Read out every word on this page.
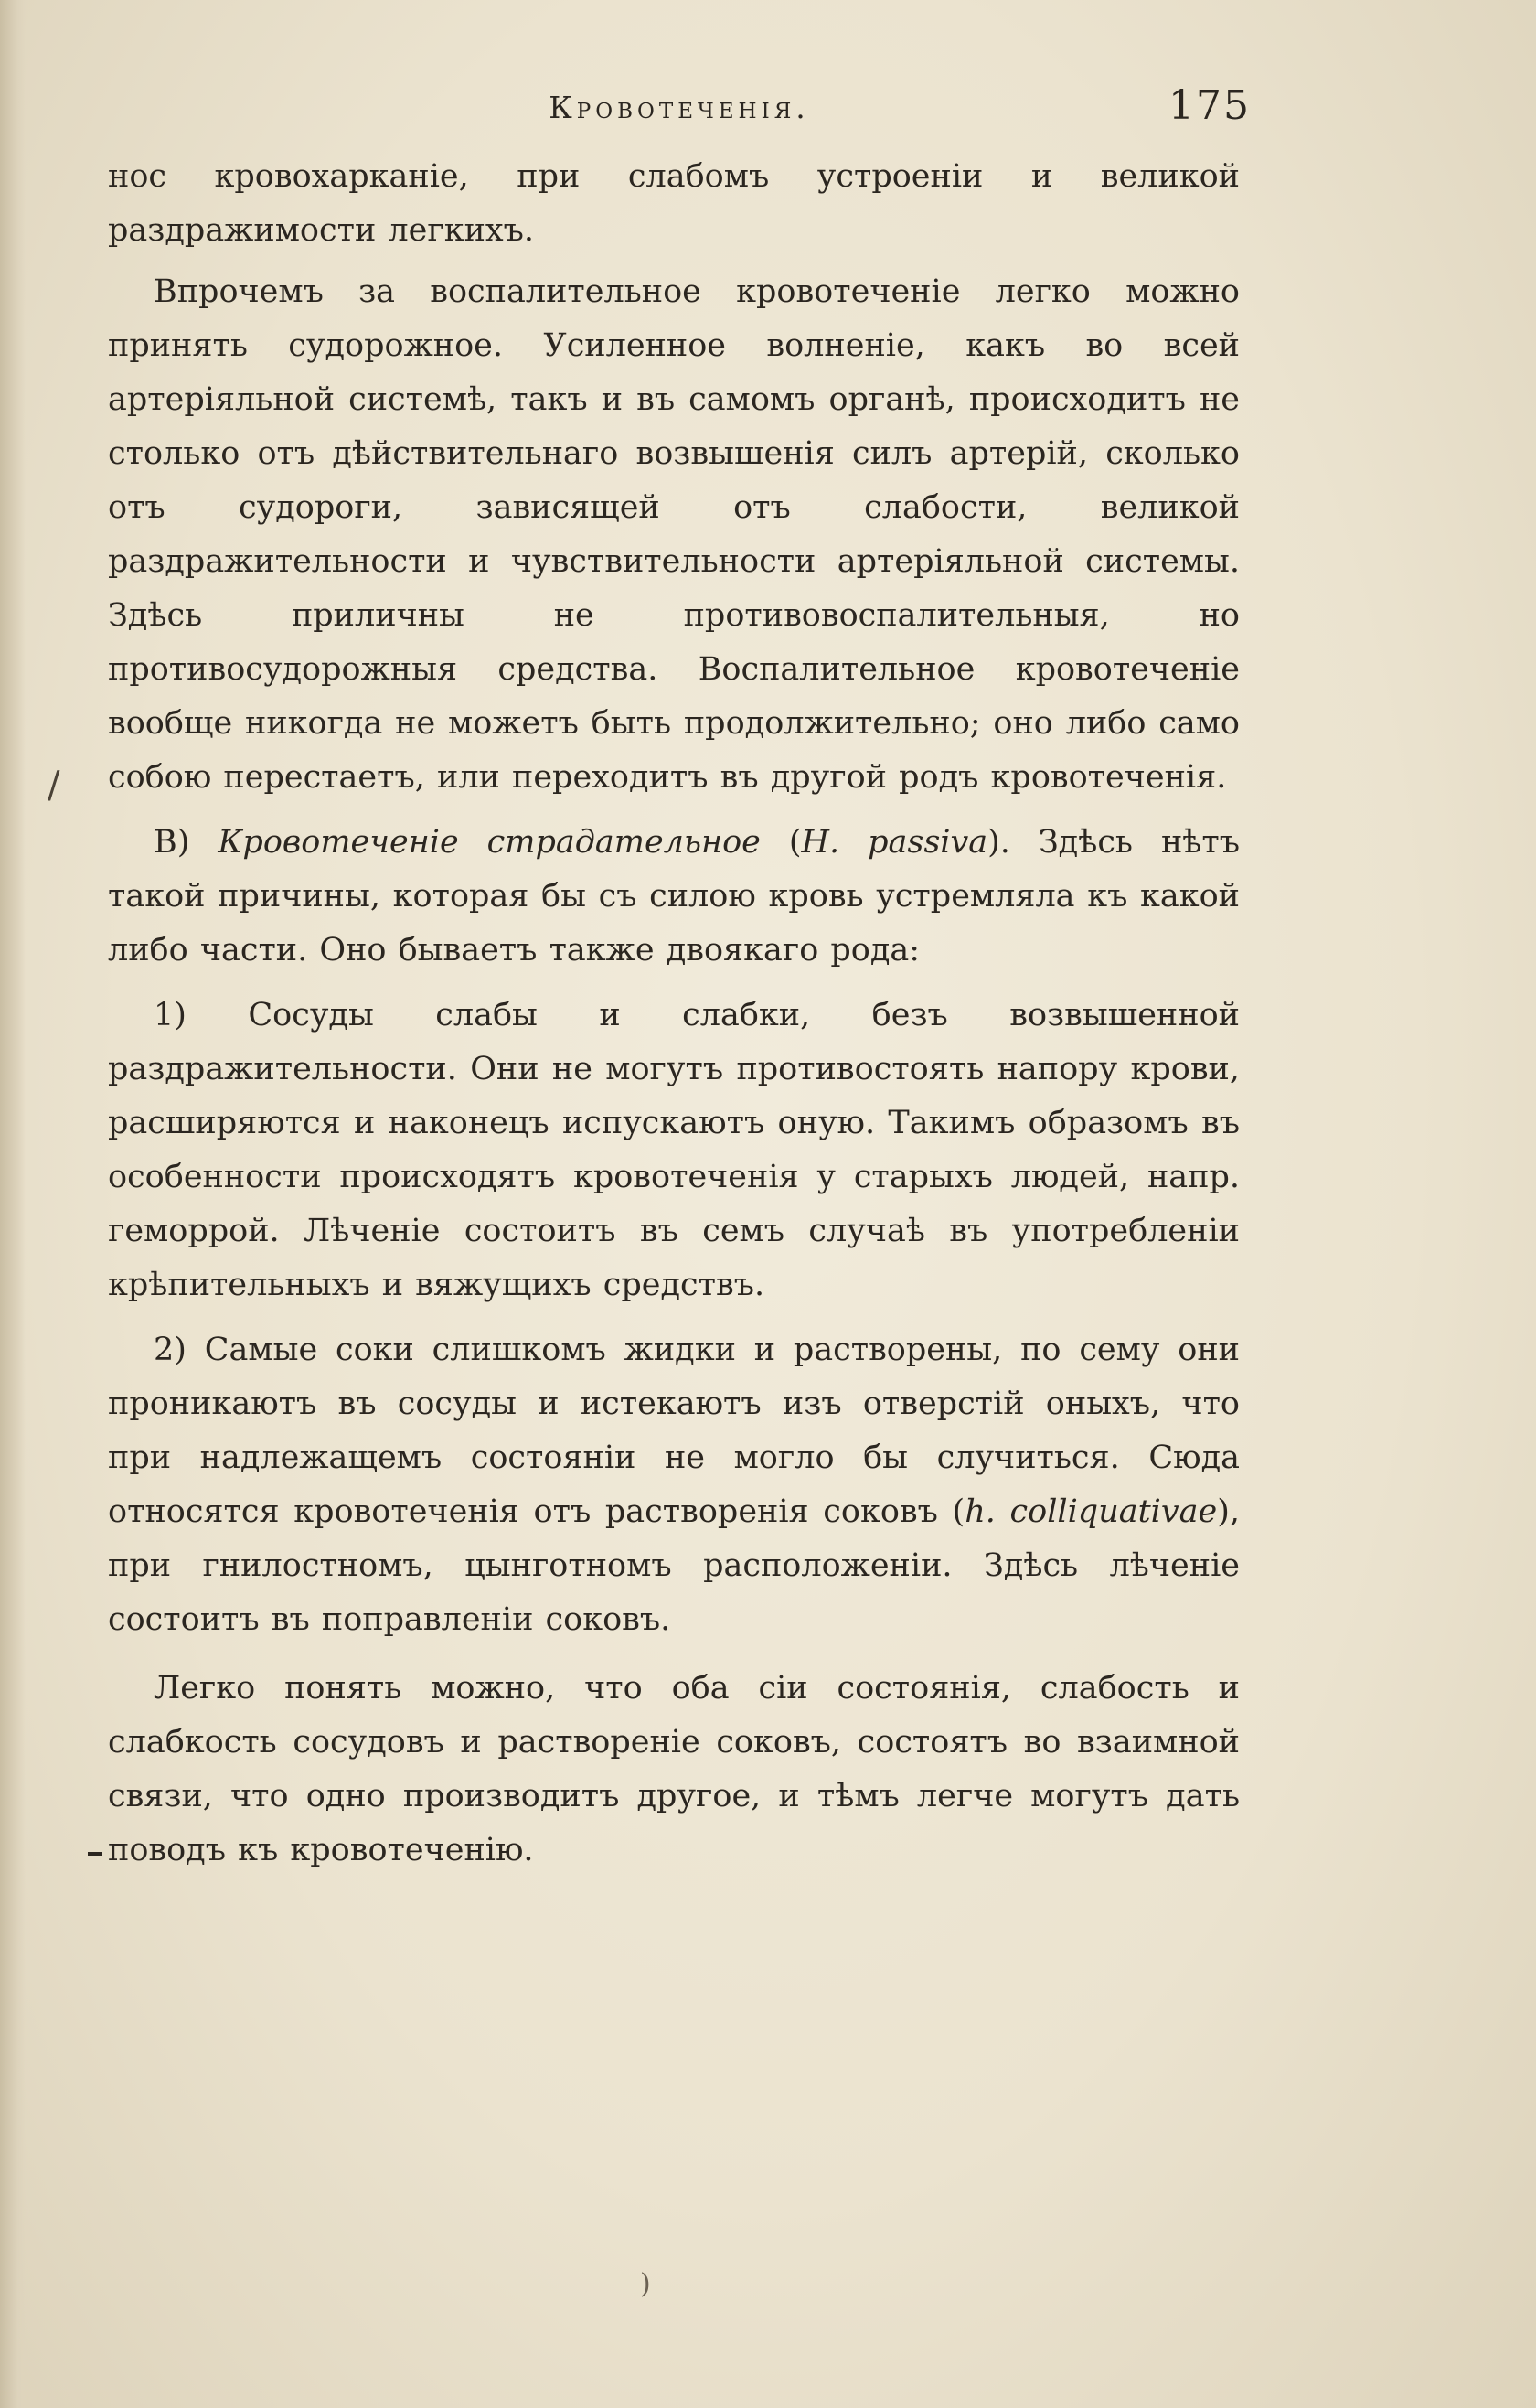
Кровотеченія.	175

нос кровохарканіе, при слабомъ устроеніи и великой раздражимости легкихъ.

Впрочемъ за воспалительное кровотеченіе легко можно принять судорожное. Усиленное волненіе, какъ во всей артеріяльной системѣ, такъ и въ самомъ органѣ, происходитъ не столько отъ дѣйствительнаго возвышенія силъ артерій, сколько отъ судороги, зависящей отъ слабости, великой раздражительности и чувствительности артеріяльной системы. Здѣсь приличны не противовоспалительныя, но противосудорожныя средства. Воспалительное кровотеченіе вообще никогда не можетъ быть продолжительно; оно либо само собою перестаетъ, или переходитъ въ другой родъ кровотеченія.

B) Кровотеченіе страдательное (H. passiva). Здѣсь нѣтъ такой причины, которая бы съ силою кровь устремляла къ какой либо части. Оно бываетъ также двоякаго рода:

1) Сосуды слабы и слабки, безъ возвышенной раздражительности. Они не могутъ противостоять напору крови, расширяются и наконецъ испускаютъ оную. Такимъ образомъ въ особенности происходятъ кровотеченія у старыхъ людей, напр. геморрой. Лѣченіе состоитъ въ семъ случаѣ въ употребленіи крѣпительныхъ и вяжущихъ средствъ.

2) Самые соки слишкомъ жидки и растворены, по сему они проникаютъ въ сосуды и истекаютъ изъ отверстій оныхъ, что при надлежащемъ состояніи не могло бы случиться. Сюда относятся кровотеченія отъ растворенія соковъ (h. colliquativae), при гнилостномъ, цынготномъ расположеніи. Здѣсь лѣченіе состоитъ въ поправленіи соковъ.

Легко понять можно, что оба сіи состоянія, слабость и слабкость сосудовъ и раствореніе соковъ, состоятъ во взаимной связи, что одно производитъ другое, и тѣмъ легче могутъ дать поводъ къ кровотеченію.

/
)
